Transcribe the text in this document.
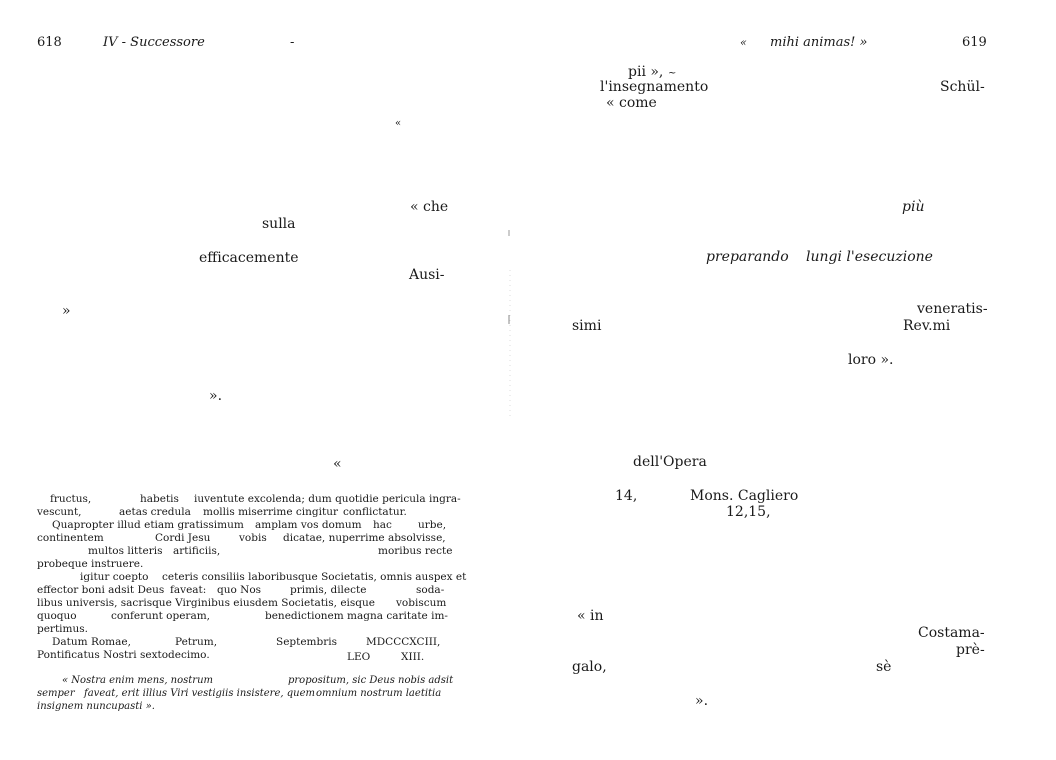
618	IV - Successore	-
«
« che
sulla
efficacemente
Ausi-
»
».
«
fructus,	habetis iuventute excolenda; dum quotidie pericula ingra-
vescunt,	aetas credula mollis miserrime cingitur conflictatur.
Quapropter illud etiam gratissimum amplam vos domum hac urbe,
continentem	Cordi Jesu	vobis dicatae, nuperrime absolvisse,
multos litteris artificiis,	moribus recte
probeque instruere.
igitur coepto ceteris consiliis laboribusque Societatis, omnis auspex et
effector boni adsit Deus faveat: quo Nos	primis, dilecte	soda-
libus universis, sacrisque Virginibus eiusdem Societatis, eisque vobiscum
quoquo	conferunt operam,	benedictionem magna caritate im-
pertimus.
Datum Romae,	Petrum,	Septembris	MDCCCXCIII,
Pontificatus Nostri sextodecimo.	LEO	XIII.
« Nostra enim mens, nostrum	propositum, sic Deus nobis adsit
semper faveat, erit illius Viri vestigiis insistere, quem omnium nostrum laetitia
insignem nuncupasti ».
« mihi animas! »	619
pii », ~
l'insegnamento	Schül-
« come
più
preparando lungi l'esecuzione
veneratis-
simi	Rev.mi
loro ».
dell'Opera
14,	Mons. Cagliero
12,15,
« in
Costama-
prè-
galo,	sè
».
